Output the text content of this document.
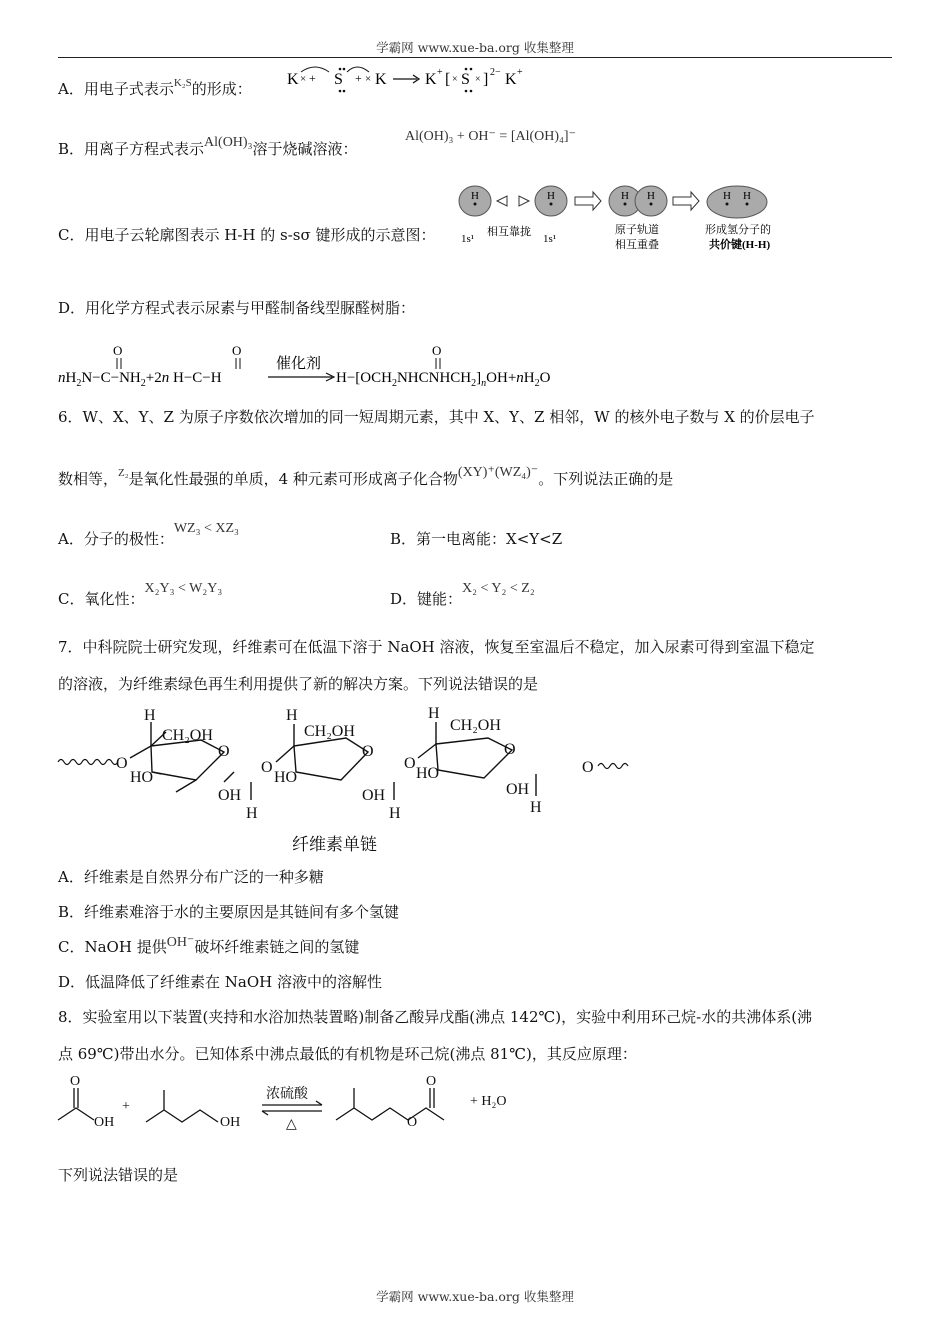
学霸网 www.xue-ba.org 收集整理
A．用电子式表示$^{K_2S}$的形成：
K × + S + × K K + [ × S × ] 2− K +
B．用离子方程式表示Al(OH)₃溶于烧碱溶液：
Al(OH)₃ + OH⁻ = [Al(OH)₄]⁻
C．用电子云轮廓图表示 H-H 的 s-sσ 键形成的示意图：
H	H	H H	H H
1s¹
相互靠拢
1s¹
原子轨道
相互重叠
形成氢分子的
共价键(H-H)
D．用化学方程式表示尿素与甲醛制备线型脲醛树脂：
$nH_2N-C-NH_2+2n$ H−C−H
O	O
催化剂
$H-[OCH_2NHCNHCH_2]_nOH+nH_2O$
O
6．W、X、Y、Z 为原子序数依次增加的同一短周期元素，其中 X、Y、Z 相邻，W 的核外电子数与 X 的价层电子
数相等，$^{Z_2}$是氧化性最强的单质，4 种元素可形成离子化合物(XY)⁺(WZ₄)⁻。下列说法正确的是
A．分子的极性：WZ₃ < XZ₃
B．第一电离能：X<Y<Z
C．氧化性：X₂Y₃ < W₂Y₃
D．键能：X₂ < Y₂ < Z₂
7．中科院院士研究发现，纤维素可在低温下溶于 NaOH 溶液，恢复至室温后不稳定，加入尿素可得到室温下稳定
的溶液，为纤维素绿色再生利用提供了新的解决方案。下列说法错误的是
O
H
CH₂OH
O
HO
OH
H
O
H
CH₂OH
O
HO
OH
H
O
H
CH₂OH
O
HO
OH
H
O
纤维素单链
A．纤维素是自然界分布广泛的一种多糖
B．纤维素难溶于水的主要原因是其链间有多个氢键
C．NaOH 提供OH⁻破坏纤维素链之间的氢键
D．低温降低了纤维素在 NaOH 溶液中的溶解性
8．实验室用以下装置(夹持和水浴加热装置略)制备乙酸异戊酯(沸点 142℃)，实验中利用环己烷-水的共沸体系(沸
点 69℃)带出水分。已知体系中沸点最低的有机物是环己烷(沸点 81℃)，其反应原理：
O
OH
+
OH
浓硫酸
△
O
O
+ H₂O
下列说法错误的是
学霸网 www.xue-ba.org 收集整理
